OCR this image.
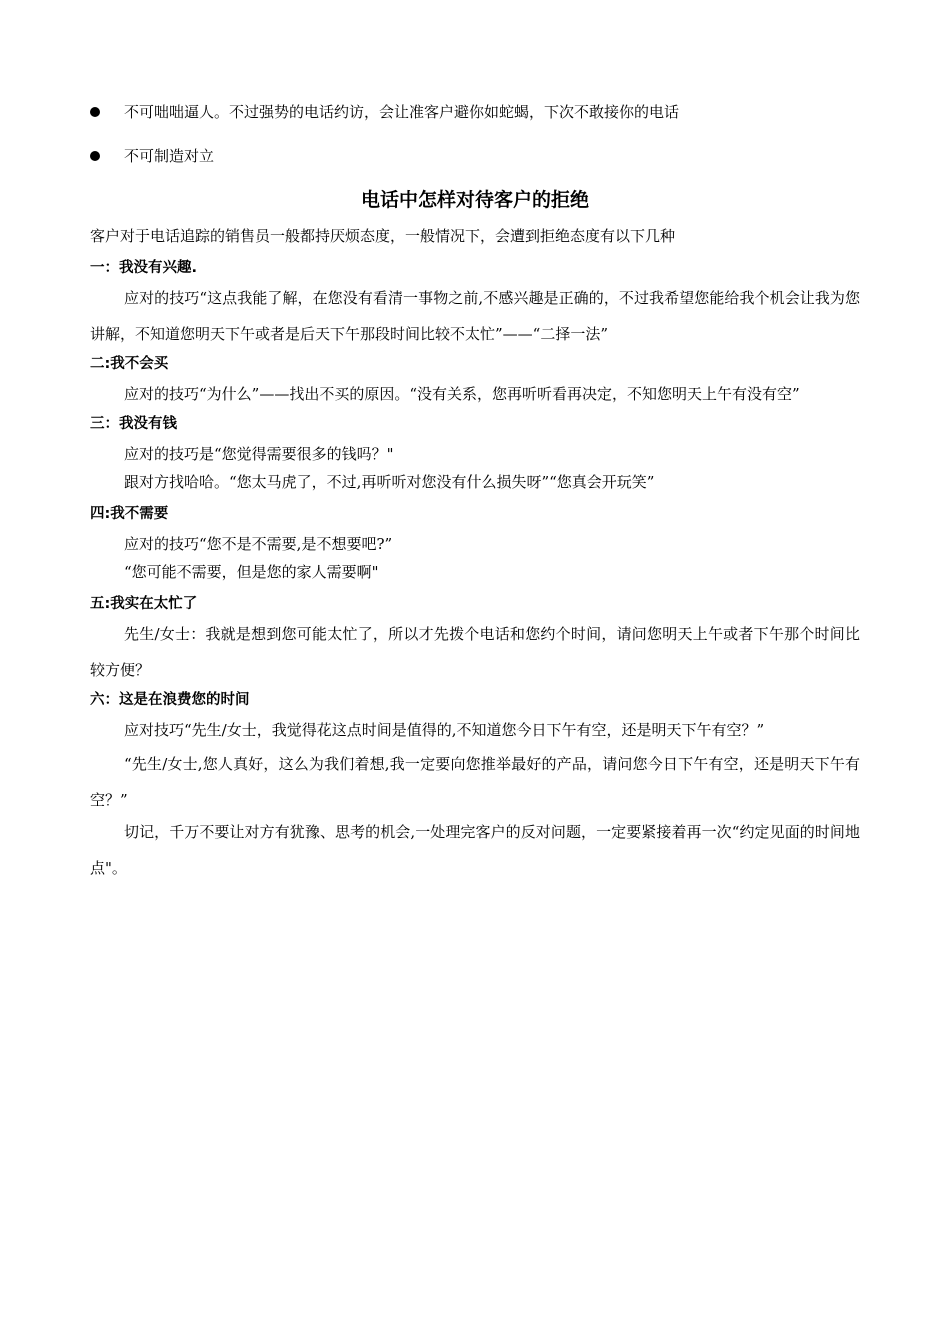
不可咄咄逼人。不过强势的电话约访，会让准客户避你如蛇蝎，下次不敢接你的电话
不可制造对立
电话中怎样对待客户的拒绝
客户对于电话追踪的销售员一般都持厌烦态度，一般情况下，会遭到拒绝态度有以下几种
一：我没有兴趣.
应对的技巧“这点我能了解，在您没有看清一事物之前,不感兴趣是正确的，不过我希望您能给我个机会让我为您讲解，不知道您明天下午或者是后天下午那段时间比较不太忙”——“二择一法”
二:我不会买
应对的技巧“为什么”——找出不买的原因。“没有关系，您再听听看再决定，不知您明天上午有没有空”
三：我没有钱
应对的技巧是“您觉得需要很多的钱吗？"
跟对方找哈哈。“您太马虎了，不过,再听听对您没有什么损失呀”“您真会开玩笑”
四:我不需要
应对的技巧“您不是不需要,是不想要吧?”
“您可能不需要，但是您的家人需要啊"
五:我实在太忙了
先生/女士：我就是想到您可能太忙了，所以才先拨个电话和您约个时间，请问您明天上午或者下午那个时间比较方便？
六：这是在浪费您的时间
应对技巧“先生/女士，我觉得花这点时间是值得的,不知道您今日下午有空，还是明天下午有空？”
“先生/女士,您人真好，这么为我们着想,我一定要向您推举最好的产品，请问您今日下午有空，还是明天下午有空？”
切记，千万不要让对方有犹豫、思考的机会,一处理完客户的反对问题，一定要紧接着再一次“约定见面的时间地点"。
